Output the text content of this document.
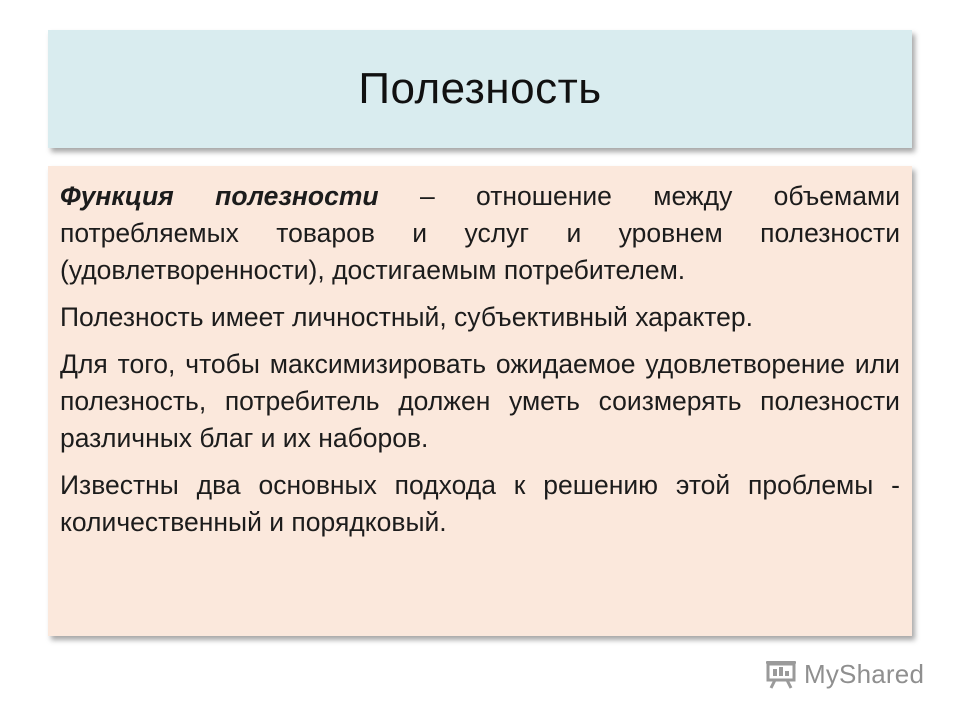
Полезность

Функция полезности – отношение между объемами потребляемых товаров и услуг и уровнем полезности (удовлетворенности), достигаемым потребителем.

Полезность имеет личностный, субъективный характер.

Для того, чтобы максимизировать ожидаемое удовлетворение или полезность, потребитель должен уметь соизмерять полезности различных благ и их наборов.

Известны два основных подхода к решению этой проблемы - количественный и порядковый.

MyShared
